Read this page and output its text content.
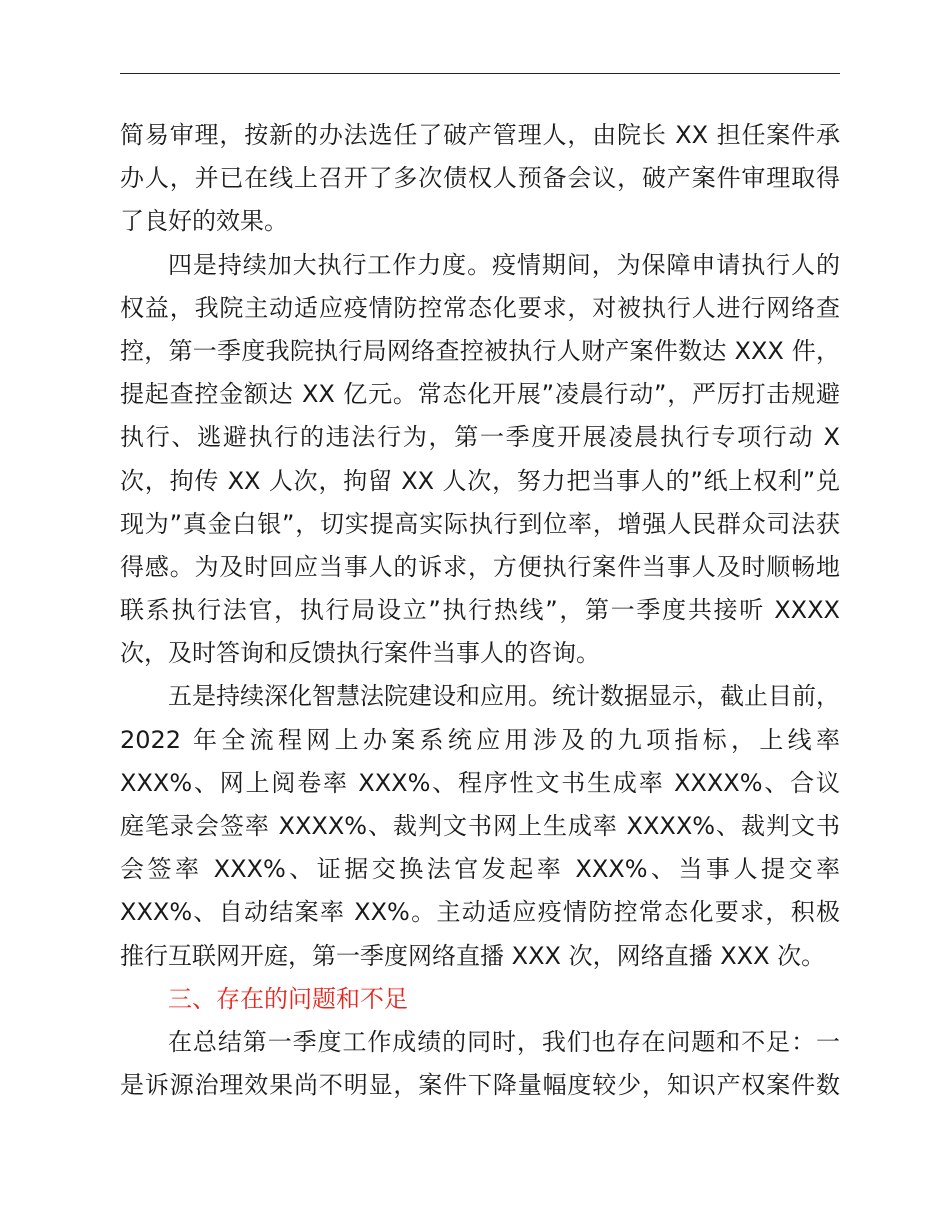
简易审理，按新的办法选任了破产管理人，由院长 XX 担任案件承
办人，并已在线上召开了多次债权人预备会议，破产案件审理取得
了良好的效果。
四是持续加大执行工作力度。疫情期间，为保障申请执行人的
权益，我院主动适应疫情防控常态化要求，对被执行人进行网络查
控，第一季度我院执行局网络查控被执行人财产案件数达 XXX 件，
提起查控金额达 XX 亿元。常态化开展”凌晨行动”，严厉打击规避
执行、逃避执行的违法行为，第一季度开展凌晨执行专项行动 X
次，拘传 XX 人次，拘留 XX 人次，努力把当事人的”纸上权利”兑
现为”真金白银”，切实提高实际执行到位率，增强人民群众司法获
得感。为及时回应当事人的诉求，方便执行案件当事人及时顺畅地
联系执行法官，执行局设立”执行热线”，第一季度共接听 XXXX
次，及时答询和反馈执行案件当事人的咨询。
五是持续深化智慧法院建设和应用。统计数据显示，截止目前，
2022 年全流程网上办案系统应用涉及的九项指标，上线率
XXX%、网上阅卷率 XXX%、程序性文书生成率 XXXX%、合议
庭笔录会签率 XXXX%、裁判文书网上生成率 XXXX%、裁判文书
会签率 XXX%、证据交换法官发起率 XXX%、当事人提交率
XXX%、自动结案率 XX%。主动适应疫情防控常态化要求，积极
推行互联网开庭，第一季度网络直播 XXX 次，网络直播 XXX 次。
三、存在的问题和不足
在总结第一季度工作成绩的同时，我们也存在问题和不足：一
是诉源治理效果尚不明显，案件下降量幅度较少，知识产权案件数
